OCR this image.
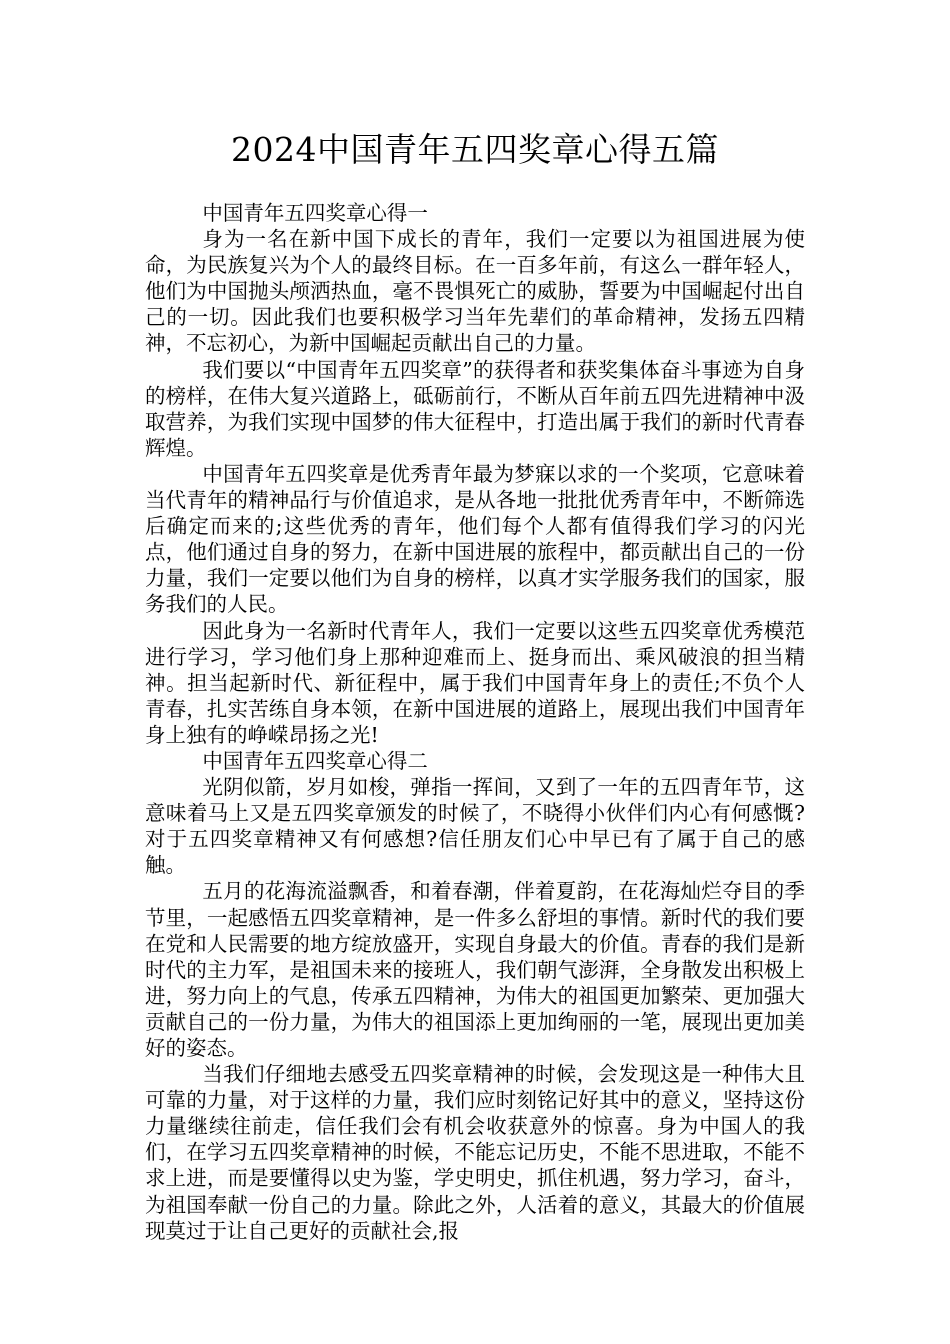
2024中国青年五四奖章心得五篇

中国青年五四奖章心得一

身为一名在新中国下成长的青年，我们一定要以为祖国进展为使命，为民族复兴为个人的最终目标。在一百多年前，有这么一群年轻人，他们为中国抛头颅洒热血，毫不畏惧死亡的威胁，誓要为中国崛起付出自己的一切。因此我们也要积极学习当年先辈们的革命精神，发扬五四精神，不忘初心，为新中国崛起贡献出自己的力量。

我们要以“中国青年五四奖章”的获得者和获奖集体奋斗事迹为自身的榜样，在伟大复兴道路上，砥砺前行，不断从百年前五四先进精神中汲取营养，为我们实现中国梦的伟大征程中，打造出属于我们的新时代青春辉煌。

中国青年五四奖章是优秀青年最为梦寐以求的一个奖项，它意味着当代青年的精神品行与价值追求，是从各地一批批优秀青年中，不断筛选后确定而来的;这些优秀的青年，他们每个人都有值得我们学习的闪光点，他们通过自身的努力，在新中国进展的旅程中，都贡献出自己的一份力量，我们一定要以他们为自身的榜样，以真才实学服务我们的国家，服务我们的人民。

因此身为一名新时代青年人，我们一定要以这些五四奖章优秀模范进行学习，学习他们身上那种迎难而上、挺身而出、乘风破浪的担当精神。担当起新时代、新征程中，属于我们中国青年身上的责任;不负个人青春，扎实苦练自身本领，在新中国进展的道路上，展现出我们中国青年身上独有的峥嵘昂扬之光!

中国青年五四奖章心得二

光阴似箭，岁月如梭，弹指一挥间，又到了一年的五四青年节，这意味着马上又是五四奖章颁发的时候了，不晓得小伙伴们内心有何感慨?对于五四奖章精神又有何感想?信任朋友们心中早已有了属于自己的感触。

五月的花海流溢飘香，和着春潮，伴着夏韵，在花海灿烂夺目的季节里，一起感悟五四奖章精神，是一件多么舒坦的事情。新时代的我们要在党和人民需要的地方绽放盛开，实现自身最大的价值。青春的我们是新时代的主力军，是祖国未来的接班人，我们朝气澎湃，全身散发出积极上进，努力向上的气息，传承五四精神，为伟大的祖国更加繁荣、更加强大贡献自己的一份力量，为伟大的祖国添上更加绚丽的一笔，展现出更加美好的姿态。

当我们仔细地去感受五四奖章精神的时候，会发现这是一种伟大且可靠的力量，对于这样的力量，我们应时刻铭记好其中的意义，坚持这份力量继续往前走，信任我们会有机会收获意外的惊喜。身为中国人的我们，在学习五四奖章精神的时候，不能忘记历史，不能不思进取，不能不求上进，而是要懂得以史为鉴，学史明史，抓住机遇，努力学习，奋斗，为祖国奉献一份自己的力量。除此之外，人活着的意义，其最大的价值展现莫过于让自己更好的贡献社会,报
